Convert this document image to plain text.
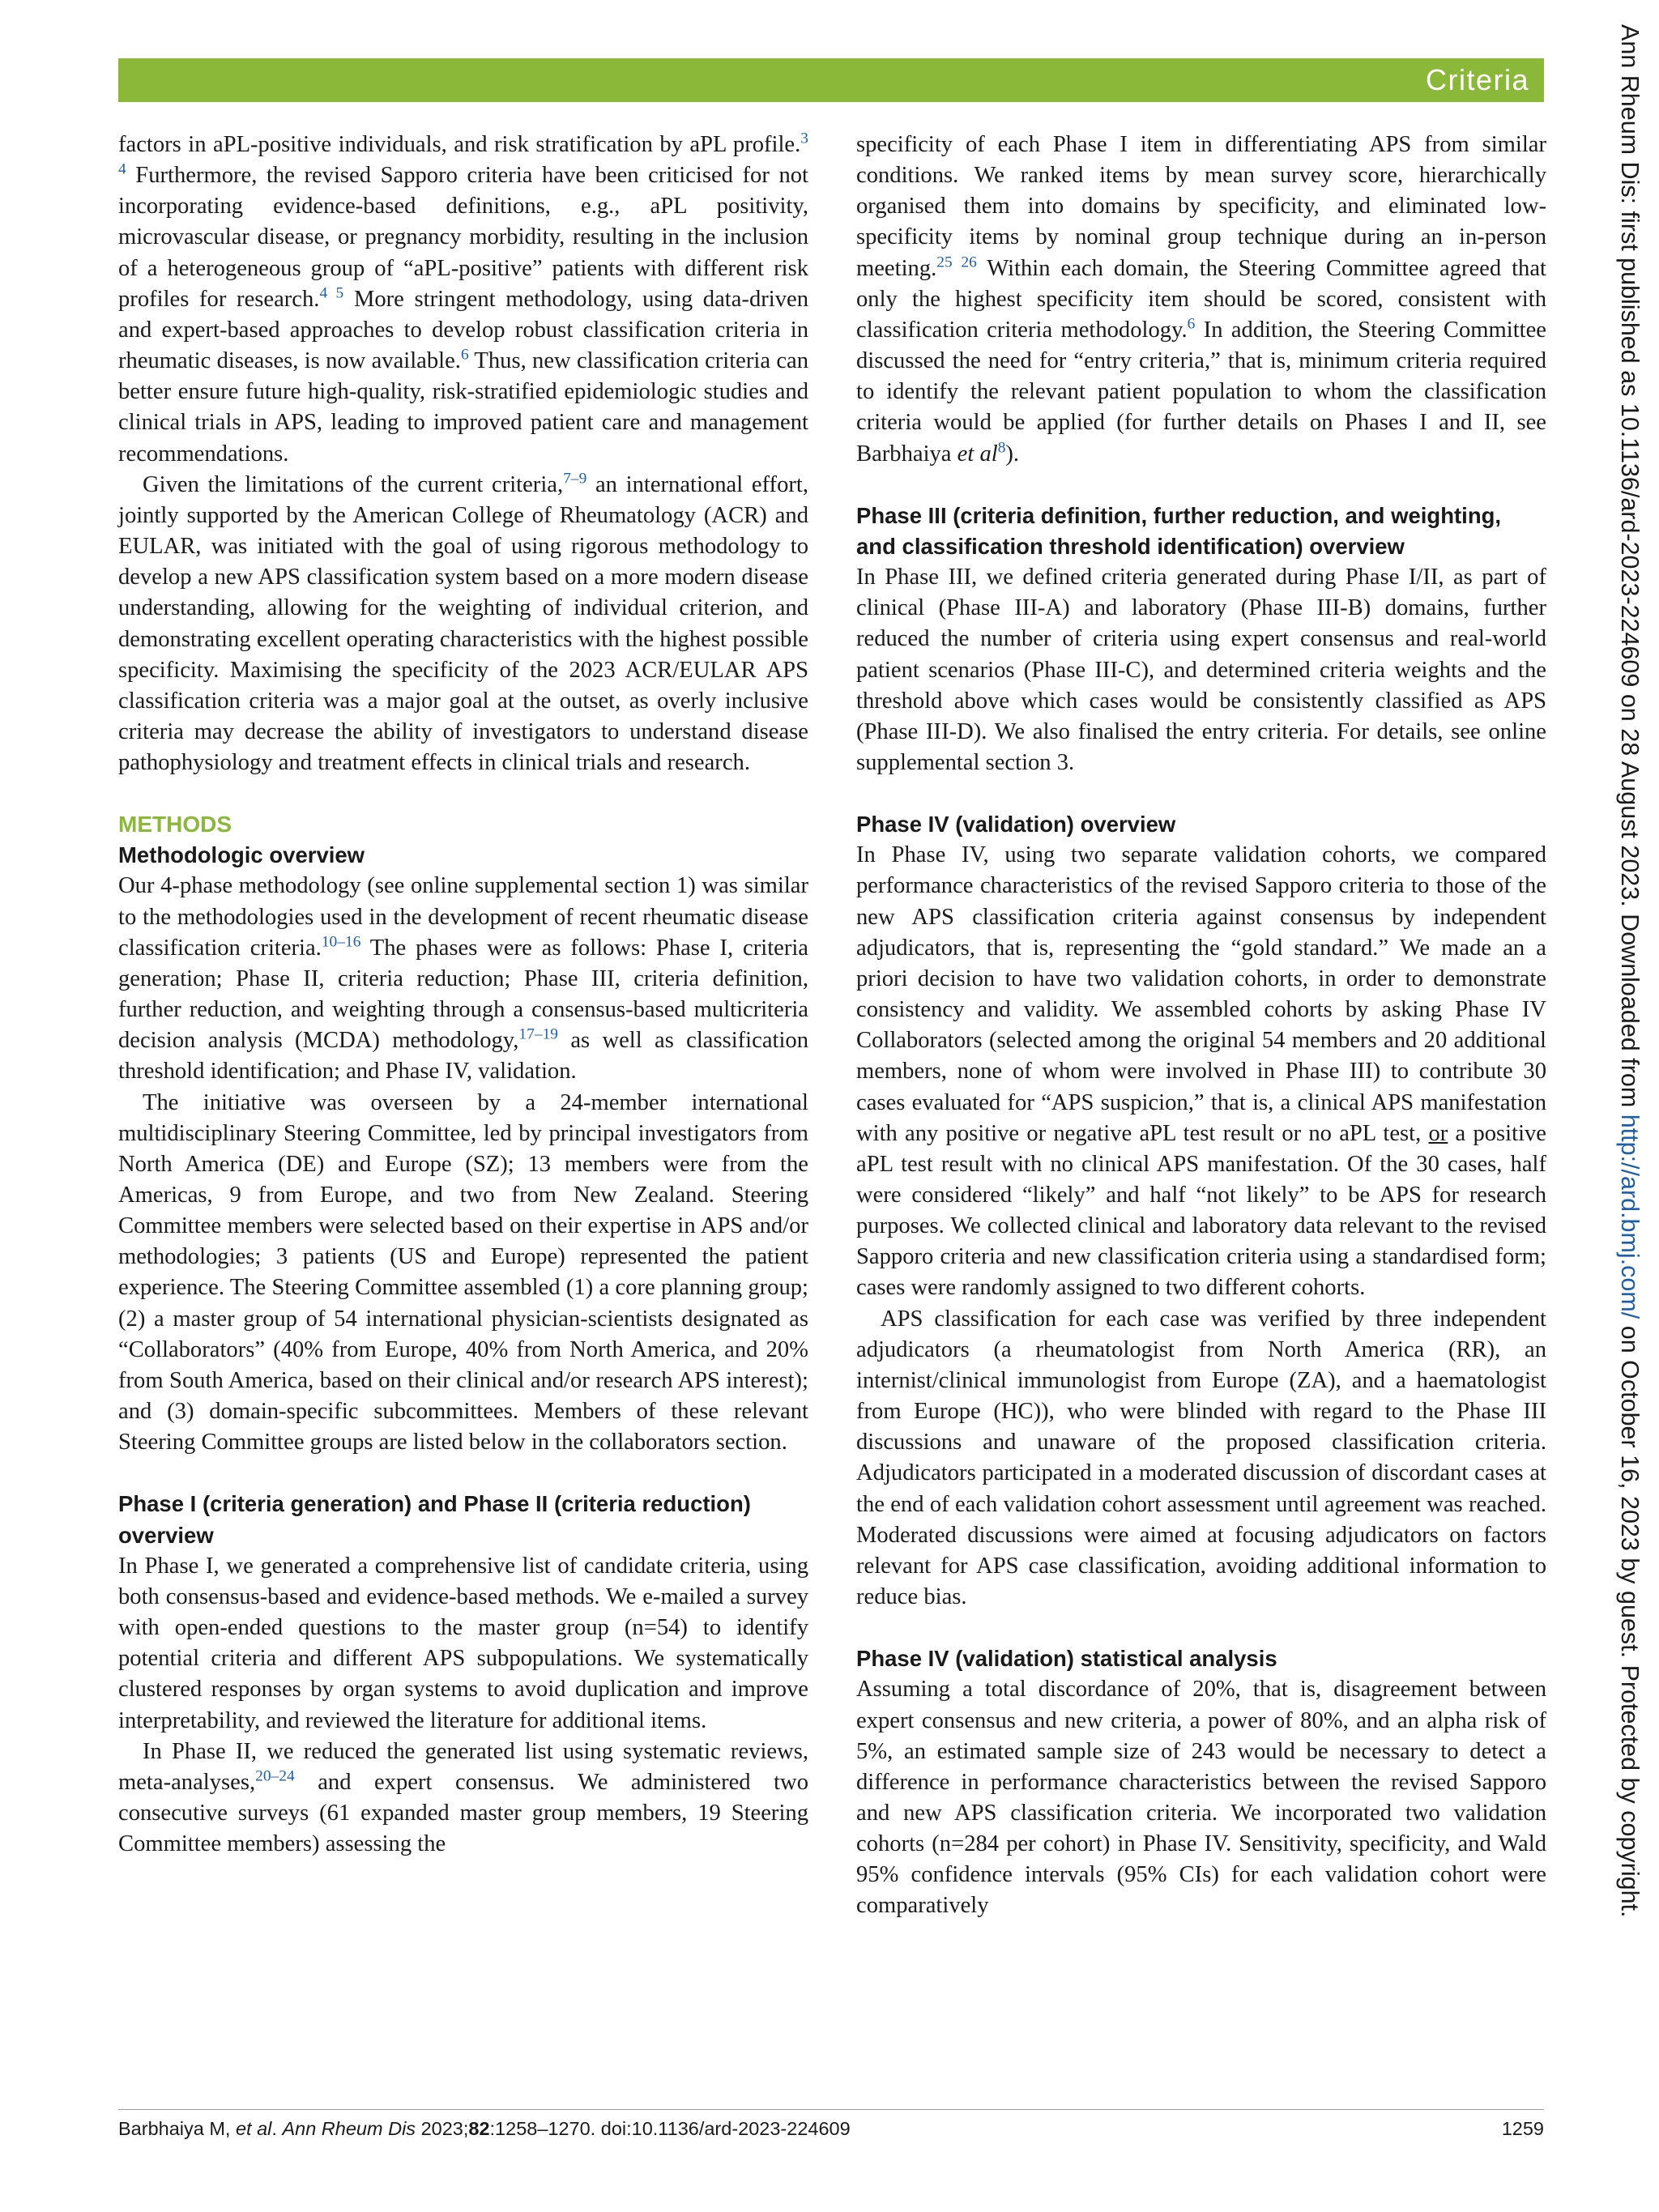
Criteria	Ann Rheum Dis: first published as 10.1136/ard-2023-224609 on 28 August 2023. Downloaded from http://ard.bmj.com/ on October 16, 2023 by guest. Protected by copyright.

factors in aPL-positive individuals, and risk stratification by aPL profile.$^{3 4}$ Furthermore, the revised Sapporo criteria have been criticised for not incorporating evidence-based definitions, e.g., aPL positivity, microvascular disease, or pregnancy morbidity, resulting in the inclusion of a heterogeneous group of “aPL-positive” patients with different risk profiles for research.$^{4 5}$ More stringent methodology, using data-driven and expert-based approaches to develop robust classification criteria in rheumatic diseases, is now available.$^6$ Thus, new classification criteria can better ensure future high-quality, risk-stratified epidemiologic studies and clinical trials in APS, leading to improved patient care and management recommendations.

Given the limitations of the current criteria,$^{7-9}$ an international effort, jointly supported by the American College of Rheumatology (ACR) and EULAR, was initiated with the goal of using rigorous methodology to develop a new APS classification system based on a more modern disease understanding, allowing for the weighting of individual criterion, and demonstrating excellent operating characteristics with the highest possible specificity. Maximising the specificity of the 2023 ACR/EULAR APS classification criteria was a major goal at the outset, as overly inclusive criteria may decrease the ability of investigators to understand disease pathophysiology and treatment effects in clinical trials and research.

METHODS
Methodologic overview

Our 4-phase methodology (see online supplemental section 1) was similar to the methodologies used in the development of recent rheumatic disease classification criteria.$^{10-16}$ The phases were as follows: Phase I, criteria generation; Phase II, criteria reduction; Phase III, criteria definition, further reduction, and weighting through a consensus-based multicriteria decision analysis (MCDA) methodology,$^{17-19}$ as well as classification threshold identification; and Phase IV, validation.

The initiative was overseen by a 24-member international multidisciplinary Steering Committee, led by principal investigators from North America (DE) and Europe (SZ); 13 members were from the Americas, 9 from Europe, and two from New Zealand. Steering Committee members were selected based on their expertise in APS and/or methodologies; 3 patients (US and Europe) represented the patient experience. The Steering Committee assembled (1) a core planning group; (2) a master group of 54 international physician-scientists designated as “Collaborators” (40% from Europe, 40% from North America, and 20% from South America, based on their clinical and/or research APS interest); and (3) domain-specific subcommittees. Members of these relevant Steering Committee groups are listed below in the collaborators section.

Phase I (criteria generation) and Phase II (criteria reduction) overview

In Phase I, we generated a comprehensive list of candidate criteria, using both consensus-based and evidence-based methods. We e-mailed a survey with open-ended questions to the master group (n=54) to identify potential criteria and different APS subpopulations. We systematically clustered responses by organ systems to avoid duplication and improve interpretability, and reviewed the literature for additional items.

In Phase II, we reduced the generated list using systematic reviews, meta-analyses,$^{20-24}$ and expert consensus. We administered two consecutive surveys (61 expanded master group members, 19 Steering Committee members) assessing the

specificity of each Phase I item in differentiating APS from similar conditions. We ranked items by mean survey score, hierarchically organised them into domains by specificity, and eliminated low-specificity items by nominal group technique during an in-person meeting.$^{25 26}$ Within each domain, the Steering Committee agreed that only the highest specificity item should be scored, consistent with classification criteria methodology.$^6$ In addition, the Steering Committee discussed the need for “entry criteria,” that is, minimum criteria required to identify the relevant patient population to whom the classification criteria would be applied (for further details on Phases I and II, see Barbhaiya et al$^8$).

Phase III (criteria definition, further reduction, and weighting, and classification threshold identification) overview

In Phase III, we defined criteria generated during Phase I/II, as part of clinical (Phase III-A) and laboratory (Phase III-B) domains, further reduced the number of criteria using expert consensus and real-world patient scenarios (Phase III-C), and determined criteria weights and the threshold above which cases would be consistently classified as APS (Phase III-D). We also finalised the entry criteria. For details, see online supplemental section 3.

Phase IV (validation) overview

In Phase IV, using two separate validation cohorts, we compared performance characteristics of the revised Sapporo criteria to those of the new APS classification criteria against consensus by independent adjudicators, that is, representing the “gold standard.” We made an a priori decision to have two validation cohorts, in order to demonstrate consistency and validity. We assembled cohorts by asking Phase IV Collaborators (selected among the original 54 members and 20 additional members, none of whom were involved in Phase III) to contribute 30 cases evaluated for “APS suspicion,” that is, a clinical APS manifestation with any positive or negative aPL test result or no aPL test, or a positive aPL test result with no clinical APS manifestation. Of the 30 cases, half were considered “likely” and half “not likely” to be APS for research purposes. We collected clinical and laboratory data relevant to the revised Sapporo criteria and new classification criteria using a standardised form; cases were randomly assigned to two different cohorts.

APS classification for each case was verified by three independent adjudicators (a rheumatologist from North America (RR), an internist/clinical immunologist from Europe (ZA), and a haematologist from Europe (HC)), who were blinded with regard to the Phase III discussions and unaware of the proposed classification criteria. Adjudicators participated in a moderated discussion of discordant cases at the end of each validation cohort assessment until agreement was reached. Moderated discussions were aimed at focusing adjudicators on factors relevant for APS case classification, avoiding additional information to reduce bias.

Phase IV (validation) statistical analysis

Assuming a total discordance of 20%, that is, disagreement between expert consensus and new criteria, a power of 80%, and an alpha risk of 5%, an estimated sample size of 243 would be necessary to detect a difference in performance characteristics between the revised Sapporo and new APS classification criteria. We incorporated two validation cohorts (n=284 per cohort) in Phase IV. Sensitivity, specificity, and Wald 95% confidence intervals (95% CIs) for each validation cohort were comparatively

Barbhaiya M, et al. Ann Rheum Dis 2023;82:1258–1270. doi:10.1136/ard-2023-224609	1259
